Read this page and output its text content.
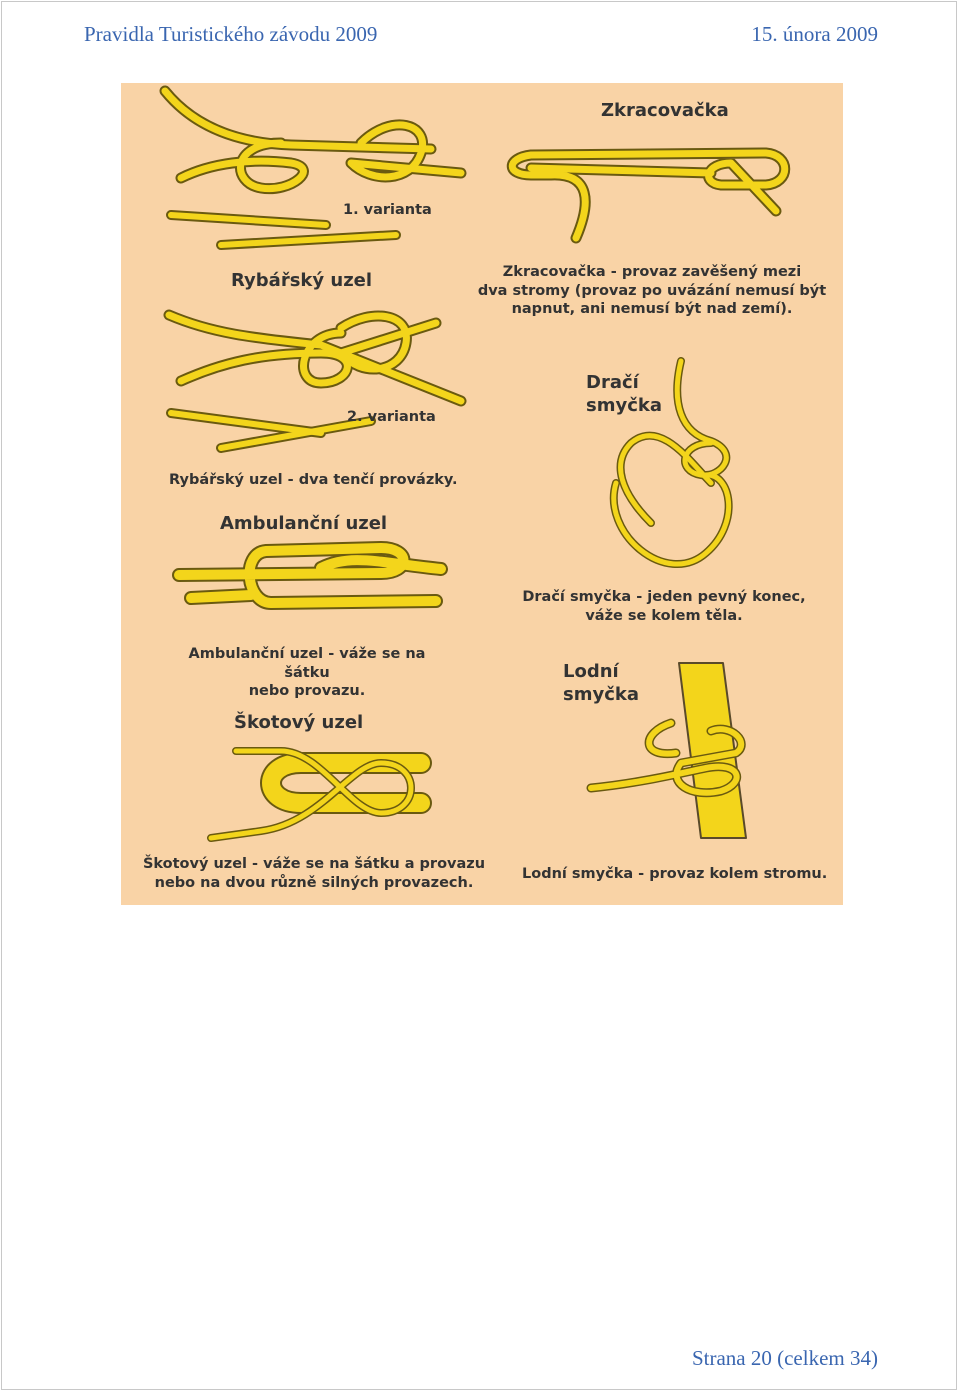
Pravidla Turistického závodu 2009	15. února 2009
1. varianta
Rybářský uzel
2. varianta
Rybářský uzel - dva tenčí provázky.
Ambulanční uzel
Ambulanční uzel - váže se na šátku
nebo provazu.
Škotový uzel
Škotový uzel - váže se na šátku a provazu
nebo na dvou různě silných provazech.
Zkracovačka
Zkracovačka - provaz zavěšený mezi
dva stromy (provaz po uvázání nemusí být
napnut, ani nemusí být nad zemí).
Dračí
smyčka
Dračí smyčka - jeden pevný konec,
váže se kolem těla.
Lodní
smyčka
Lodní smyčka - provaz kolem stromu.
Strana 20 (celkem 34)
